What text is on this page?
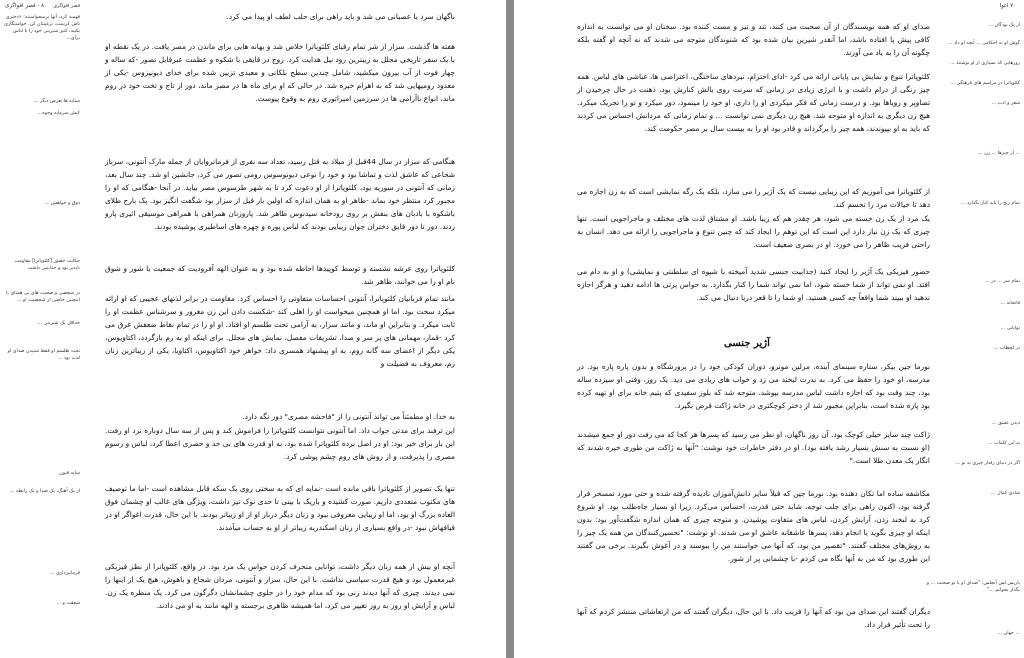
۸ - قصر افواگری

ناگهان سرد یا عصبانی می شد و باید راهی برای جلب لطف او پیدا می کرد.

هفته ها گذشت. سزار از شر تمام رقبای کلئوپاترا خلاص شد و بهانه هایی برای ماندن در مصر یافت. در یک نقطه او با یک سفر تاریخی مجلل به زیبترین رود نیل هدایت کرد. زوج در قایقی با شکوه و عظمت عبرقابل تصور -که ساله و چهار فوت از آب بیرون میکشید، شامل چندین سطح بلکانی و معبدی تزیین شده برای خدای دیونیزوس -یکی از معدود رومیهایی شد که به اهرام خیره شد. در حالی که او برای ماه ها در مصر ماند، دور از تاج و تخت خود در روم ماند، انواع ناآرامی ها در سرزمین امپراتوری روم به وقوع پیوست.

هنگامی که سزار در سال 44قبل از میلاد به قتل رسید، تعداد سه نفری از فرمانروایان از جمله مارک آنتونی، سرباز شجاعی که عاشق لذت و تماشا بود و خود را نوعی دیونوسوس رومی تصور می کرد، جانشین او شد. چند سال بعد، زمانی که آنتونی در سوریه بود، کلئوپاترا از او دعوت کرد تا به شهر طرسوس مصر بیاید. در آنجا -هنگامی که او را مجبور کرد منتظر خود بماند -ظاهر او به همان اندازه که اولین بار قبل از سزار بود شگفت انگیز بود. یک بارج طلای باشکوه با بادبان های بنفش بر روی رودخانه سیدنوس ظاهر شد. پاروزنان همراهی با همراهی موسیقی اثیری پارو زدند. دور تا دور قایق دختران جوان زیبایی بودند که لباس پوره و چهره های اساطیری پوشیده بودند.

کلئوپاترا روی عرشه نشسته و توسط کوپیدها احاطه شده بود و به عنوان الهه آفرودیت که جمعیت با شور و شوق نام او را می خوانند، ظاهر شد.

مانند تمام قربانیان کلئوپاترا، آنتونی احساسات متفاوتی را احساس کرد. مقاومت در برابر لذتهای عجیبی که او ارائه میکرد سخت بود. اما او همچنین میخواست او را اهلی کند -شکست دادن این زن مغرور و سرشناس عظمت او را ثابت میکرد. و بنابراین او ماند، و مانند سزار، به آرامی تحت طلسم او افتاد. او او را در تمام نقاط ضعفش غرق می کرد -قمار، مهمانی های پر سر و صدا، تشریفات مفصل، نمایش های مجلل. برای اینکه او به رم بازگردد، اکتاویوس، یکی دیگر از اعضای سه گانه روم، به او پیشنهاد همسری داد: خواهر خود اکتاویوس، اکتاویا، یکی از زیباترین زنان رم، معروف به فضیلت و

به خدا. او مطمئناً می تواند آنتونی را از "فاحشه مصری" دور نگه دارد.

این ترفند برای مدتی جواب داد. اما آنتونی نتوانست کلئوپاترا را فراموش کند و پس از سه سال دوباره نزد او رفت. این بار برای خیر بود: او در اصل برده کلئوپاترا شده بود، به او قدرت های بی حد و حصری اعطا کرد، لباس و رسوم مصری را پذیرفت، و از روش های روم چشم پوشی کرد.

تنها یک تصویر از کلئوپاترا باقی مانده است -نمایه ای که به سختی روی یک سکه قابل مشاهده است -اما ما توصیف های مکتوب متعددی داریم. صورت کشیده و باریک با بینی تا حدی نوک تیز داشت، ویژگی های غالب او چشمان فوق العاده بزرگ او بود، اما او زیبایی معروفی نبود و زنان دیگر دربار او از او زیباتر بودند. با این حال، قدرت اغواگر او در قیافهاش نبود -در واقع بسیاری از زنان اسکندریه زیباتر از او به حساب میآمدند.

آنچه او بیش از همه زنان دیگر داشت، توانایی منحرف کردن حواس یک مرد بود. در واقع، کلئوپاترا از نظر فیزیکی غیرمعمول بود و هیچ قدرت سیاسی نداشت. با این حال، سزار و آنتونی، مردان شجاع و باهوش، هیچ یک از اینها را نمی دیدند. چیزی که آنها دیدند زنی بود که مدام خود را در جلوی چشمانشان دگرگون می کرد. یک منظره یک زن. لباس و آرایش او روز به روز تغییر می کرد، اما همیشه ظاهری برجسته و الهه مانند به او می دادند.

قصر افواگری

فهمید کرد، آنها برمیخواستند: «دختری باش کرینبت، ترغیبتان کن، خواستگاری بکنید، کنیز شیرینی خود را با لباس برای...

ستایه ها تعرض دیگر ...

کنش سرمایه وجوه...

ذوق و خواهش ...

حکایت حضور [کلئوپاترا] مقاومت ناپذیر بود و جذابیتی داشت

در شخصی و صحبت های بی همتای با اینچنین خاصی از شخصیت او ...

حداقل یک شیرینی ...

تحت طلسم او فقط شنیدن صدای او لذت بود ...

سایه فنون

از یک آهنگ، یک صدا و یک رابطه ...

فرمانبرداری ...

شفقت و ...

۷۰ اغوا

صدای او که همه نویسندگان از آن صحبت می کنند، تند و تیز و مست کننده بود. سخنان او می توانست به اندازه کافی پیش پا افتاده باشد، اما آنقدر شیرین بیان شده بود که شنوندگان متوجه می شدند که نه آنچه او گفته بلکه چگونه آن را به یاد می آورند.

کلئوپاترا تنوع و نمایش بی پایانی ارائه می کرد -ادای احترام، نبردهای ساختگی، اعتراضی ها، غباشی های لباس. همه چیز رنگی از درام داشت و با انرژی زیادی در زمانی که سرنت روی بالش کنارش بود، ذهنت در حال چرخیدن از تصاویر و رویاها بود. و درست زمانی که فکر میکردی او را داری، او خود را مینمود، دور میکرد و تو را تحریک میکرد. هیچ زن دیگری به اندازه او متوجه شد. هیچ زن دیگری نمی توانست ... و تمام زمانی که مردانش احساس می کردند که باید به او بپیوندند، همه چیز را برگرداند و قادر بود او را به بیست سال بر مصر حکومت کند.

از کلئوپاترا می آموزیم که این زیبایی نیست که یک آژیر را می سازد، بلکه یک رگه نمایشی است که به زن اجازه می دهد تا خیالات مرد را تجسم کند.

یک مرد از یک زن خسته می شود، هر چقدر هم که زیبا باشد. او مشتاق لذت های مختلف و ماجراجویی است. تنها چیزی که یک زن نیاز دارد این است که این توهم را ایجاد کند که چنین تنوع و ماجراجویی را ارائه می دهد. انسان به راحتی فریب ظاهر را می خورد. او در بصری ضعیف است.

حضور فیزیکی یک آژیر را ایجاد کنید (جذابیت جنسی شدید آمیخته با شیوه ای سلطنتی و نمایشی) و او به دام می افتد. او نمی تواند از شما خسته شود، اما نمی تواند شما را کنار بگذارد. به حواس پرتی ها ادامه دهید و هرگز اجازه ندهید او ببیند شما واقعاً چه کسی هستید. او شما را تا قعر دریا دنبال می کند.

آژیر جنسی

نورما جین بیکر، ستاره سینمای آینده، مرلین مونرو، دوران کودکی خود را در پرورشگاه و بدون پاره پاره بود. در مدرسه، او خود را حفظ می کرد. به ندرت لبخند می زد و خواب های زیادی می دید. یک روز، وقتی او سیزده ساله بود، چند وقت بود که اجازه داشت لباس مدرسه بپوشد. متوجه شد که بلوز سفیدی که پتیم خانه برای او تهیه کرده بود پاره شده است، بنابراین مجبور شد از دختر کوچکتری در خانه ژاکت قرض بگیرد.

ژاکت چند سایز خیلی کوچک بود. آن روز ناگهان، او نظر می رسید که پسرها هر کجا که می رفت دور او جمع میشدند (او نسبت به سنش بسیار رشد یافته بود). او در دفتر خاطرات خود نوشت: "آنها به ژاکت من طوری خیره شدند که انگار یک معدن طلا است."

مکاشفه ساده اما تکان دهنده بود. نورما جین که قبلاً سایر دانش‌آموزان نادیده گرفته شده و حتی مورد تمسخر قرار گرفته بود، اکنون راهی برای جلب توجه، شاید حتی قدرت، احساس می‌کرد. زیرا او بسیار جاه‌طلب بود. او شروع کرد به لبخند زدن، آرایش کردن، لباس های متفاوت پوشیدن. و متوجه چیزی که همان اندازه شگفت‌آور بود: بدون اینکه او چیزی بگوید یا انجام دهد، پسرها عاشقانه عاشق او می شدند. او نوشت: "تحسین‌کنندگان من همه یک چیز را به روش‌های مختلف گفتند. "تقصیر من بود، که آنها می خواستند من را ببوسند و در آغوش بگیرند. برخی می گفتند این طوری بود که من به آنها نگاه می کردم -با چشمانی پر از شور.

دیگران گفتند این صدای من بود که آنها را فریب داد. با این حال، دیگران گفتند که من ارتعاشاتی منتشر کردم که آنها را تحت تأثیر قرار داد.

از یک بودگان ...

گوش او به احکامی ... آنچه او داد ...

روزهایی که بسیاری از او نوشتند ...

کلئوپاترا در مراسم های فرهنگی ...

شعر و ادب ...

... از چیزها ... زن ...

تمام رنج را باید کنار بگذارد ...

تمام سر ... در ...

فاتحانه ...

توانایی ...

در لحظات ...

دیدن عشق ...

به این کلمات ...

اگر در دنیای رفتار چیزی به تو ...

شادی کمال ...

پاریس لس آنجلس: "صدای او با تو صحبت ... و بگذار بخوانم ..."

... جهان ...
